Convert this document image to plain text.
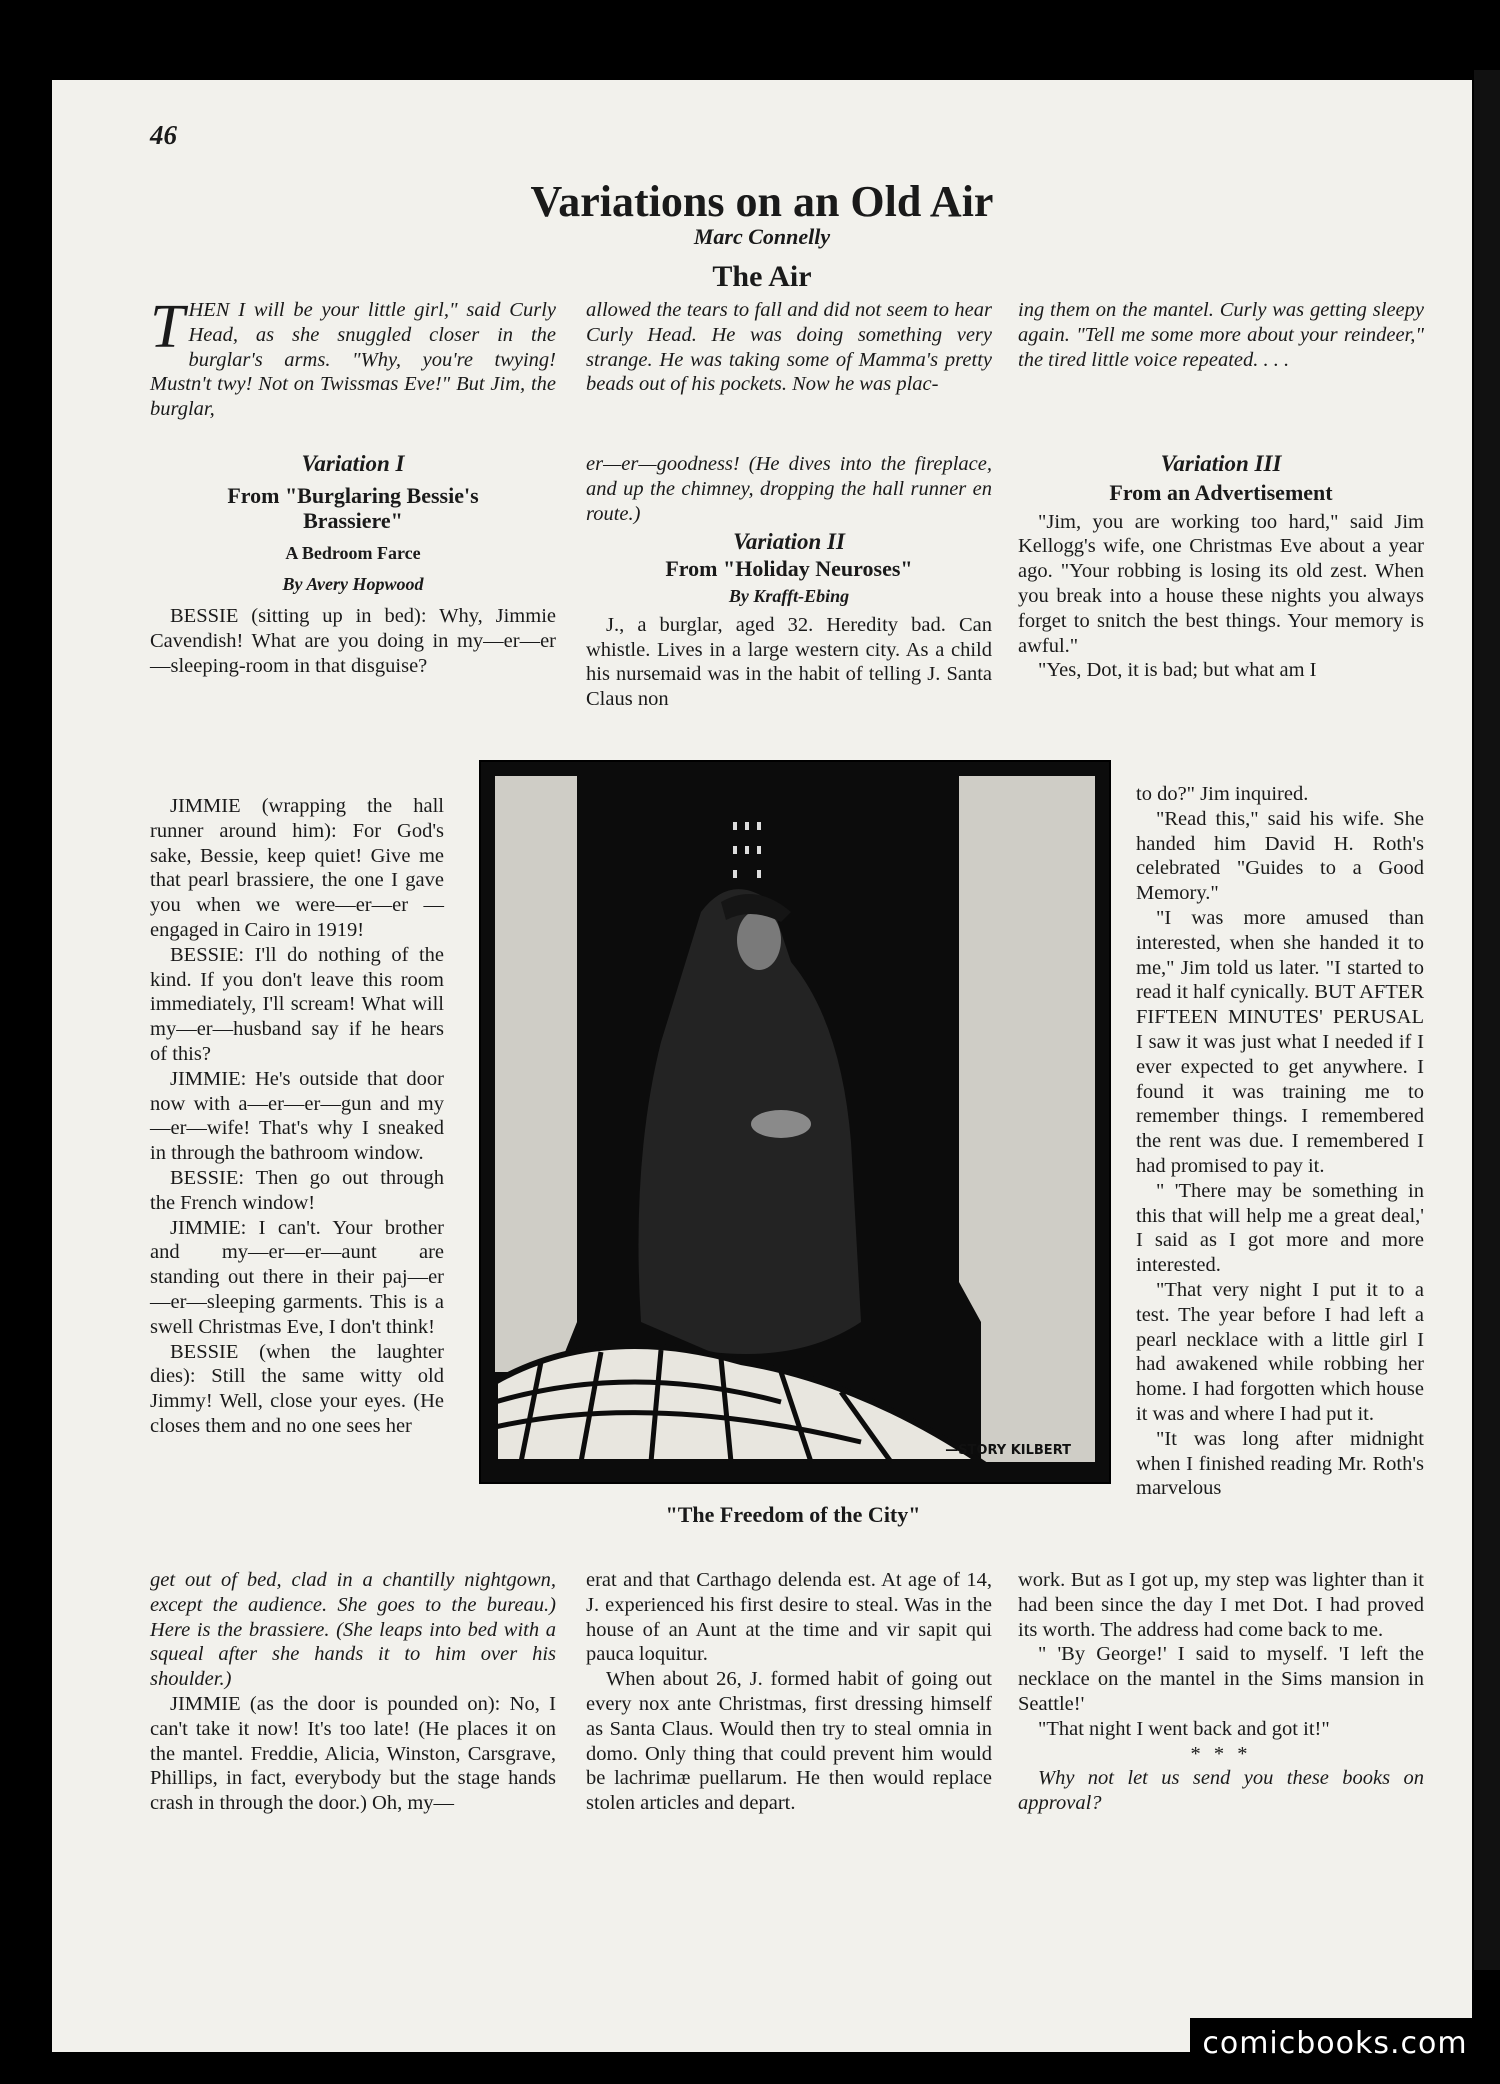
46
Variations on an Old Air
Marc Connelly
The Air
T HEN I will be your little girl," said Curly Head, as she snuggled closer in the burglar's arms. "Why, you're twying! Mustn't twy! Not on Twissmas Eve!" But Jim, the burglar,
allowed the tears to fall and did not seem to hear Curly Head. He was doing something very strange. He was taking some of Mamma's pretty beads out of his pockets. Now he was plac-
ing them on the mantel. Curly was getting sleepy again. "Tell me some more about your reindeer," the tired little voice repeated. . . .

Variation I

From "Burglaring Bessie's Brassiere"

A Bedroom Farce

By Avery Hopwood

BESSIE (sitting up in bed): Why, Jimmie Cavendish! What are you doing in my—er—er—sleeping-room in that disguise?

JIMMIE (wrapping the hall runner around him): For God's sake, Bessie, keep quiet! Give me that pearl brassiere, the one I gave you when we were—er—er —engaged in Cairo in 1919!

BESSIE: I'll do nothing of the kind. If you don't leave this room immediately, I'll scream! What will my—er—husband say if he hears of this?

JIMMIE: He's outside that door now with a—er—er—gun and my—er—wife! That's why I sneaked in through the bathroom window.

BESSIE: Then go out through the French window!

JIMMIE: I can't. Your brother and my—er—er—aunt are standing out there in their paj—er—er—sleeping garments. This is a swell Christmas Eve, I don't think!

BESSIE (when the laughter dies): Still the same witty old Jimmy! Well, close your eyes. (He closes them and no one sees her

get out of bed, clad in a chantilly nightgown, except the audience. She goes to the bureau.) Here is the brassiere. (She leaps into bed with a squeal after she hands it to him over his shoulder.)

JIMMIE (as the door is pounded on): No, I can't take it now! It's too late! (He places it on the mantel. Freddie, Alicia, Winston, Carsgrave, Phillips, in fact, everybody but the stage hands crash in through the door.) Oh, my—

er—er—goodness! (He dives into the fireplace, and up the chimney, dropping the hall runner en route.)

Variation II

From "Holiday Neuroses"

By Krafft-Ebing

J., a burglar, aged 32. Heredity bad. Can whistle. Lives in a large western city. As a child his nursemaid was in the habit of telling J. Santa Claus non

erat and that Carthago delenda est. At age of 14, J. experienced his first desire to steal. Was in the house of an Aunt at the time and vir sapit qui pauca loquitur.

When about 26, J. formed habit of going out every nox ante Christmas, first dressing himself as Santa Claus. Would then try to steal omnia in domo. Only thing that could prevent him would be lachrimæ puellarum. He then would replace stolen articles and depart.

Variation III

From an Advertisement

"Jim, you are working too hard," said Jim Kellogg's wife, one Christmas Eve about a year ago. "Your robbing is losing its old zest. When you break into a house these nights you always forget to snitch the best things. Your memory is awful."

"Yes, Dot, it is bad; but what am I

to do?" Jim inquired.

"Read this," said his wife. She handed him David H. Roth's celebrated "Guides to a Good Memory."

"I was more amused than interested, when she handed it to me," Jim told us later. "I started to read it half cynically. BUT AFTER FIFTEEN MINUTES' PERUSAL I saw it was just what I needed if I ever expected to get anywhere. I found it was training me to remember things. I remembered the rent was due. I remembered I had promised to pay it.

" 'There may be something in this that will help me a great deal,' I said as I got more and more interested.

"That very night I put it to a test. The year before I had left a pearl necklace with a little girl I had awakened while robbing her home. I had forgotten which house it was and where I had put it.

"It was long after midnight when I finished reading Mr. Roth's marvelous

work. But as I got up, my step was lighter than it had been since the day I met Dot. I had proved its worth. The address had come back to me.

" 'By George!' I said to myself. 'I left the necklace on the mantel in the Sims mansion in Seattle!'

"That night I went back and got it!"

* * *

Why not let us send you these books on approval?

—STORY KILBERT
"The Freedom of the City"
comicbooks.com
